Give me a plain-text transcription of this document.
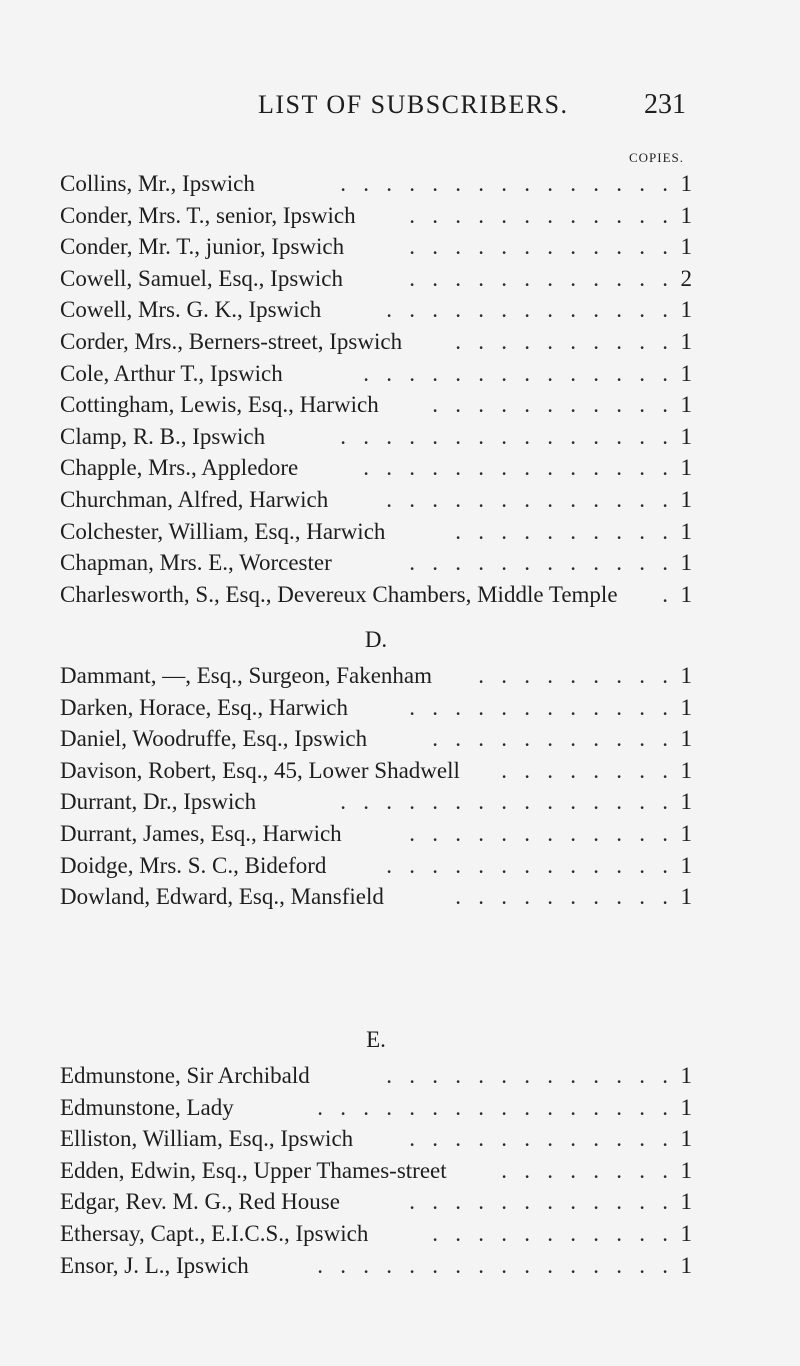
LIST OF SUBSCRIBERS.	231
COPIES.
Collins, Mr., Ipswich	.   .   .   .   .   .   .   .   .   .   .   .   .   .   . 1
Conder, Mrs. T., senior, Ipswich	.   .   .   .   .   .   .   .   .   .   .   . 1
Conder, Mr. T., junior, Ipswich	.   .   .   .   .   .   .   .   .   .   .   . 1
Cowell, Samuel, Esq., Ipswich	.   .   .   .   .   .   .   .   .   .   .   . 2
Cowell, Mrs. G. K., Ipswich	.   .   .   .   .   .   .   .   .   .   .   .   . 1
Corder, Mrs., Berners-street, Ipswich	.   .   .   .   .   .   .   .   .   . 1
Cole, Arthur T., Ipswich	.   .   .   .   .   .   .   .   .   .   .   .   .   . 1
Cottingham, Lewis, Esq., Harwich	.   .   .   .   .   .   .   .   .   .   . 1
Clamp, R. B., Ipswich	.   .   .   .   .   .   .   .   .   .   .   .   .   .   . 1
Chapple, Mrs., Appledore	.   .   .   .   .   .   .   .   .   .   .   .   .   . 1
Churchman, Alfred, Harwich	.   .   .   .   .   .   .   .   .   .   .   .   . 1
Colchester, William, Esq., Harwich	.   .   .   .   .   .   .   .   .   . 1
Chapman, Mrs. E., Worcester	.   .   .   .   .   .   .   .   .   .   .   . 1
Charlesworth, S., Esq., Devereux Chambers, Middle Temple	. 1
D.
Dammant, —, Esq., Surgeon, Fakenham	.   .   .   .   .   .   .   .   . 1
Darken, Horace, Esq., Harwich	.   .   .   .   .   .   .   .   .   .   .   . 1
Daniel, Woodruffe, Esq., Ipswich	.   .   .   .   .   .   .   .   .   .   . 1
Davison, Robert, Esq., 45, Lower Shadwell	.   .   .   .   .   .   .   . 1
Durrant, Dr., Ipswich	.   .   .   .   .   .   .   .   .   .   .   .   .   .   . 1
Durrant, James, Esq., Harwich	.   .   .   .   .   .   .   .   .   .   .   . 1
Doidge, Mrs. S. C., Bideford	.   .   .   .   .   .   .   .   .   .   .   .   . 1
Dowland, Edward, Esq., Mansfield	.   .   .   .   .   .   .   .   .   . 1
E.
Edmunstone, Sir Archibald	.   .   .   .   .   .   .   .   .   .   .   .   . 1
Edmunstone, Lady	.   .   .   .   .   .   .   .   .   .   .   .   .   .   .   . 1
Elliston, William, Esq., Ipswich	.   .   .   .   .   .   .   .   .   .   .   . 1
Edden, Edwin, Esq., Upper Thames-street	.   .   .   .   .   .   .   . 1
Edgar, Rev. M. G., Red House	.   .   .   .   .   .   .   .   .   .   .   . 1
Ethersay, Capt., E.I.C.S., Ipswich	.   .   .   .   .   .   .   .   .   .   . 1
Ensor, J. L., Ipswich	.   .   .   .   .   .   .   .   .   .   .   .   .   .   .   . 1
